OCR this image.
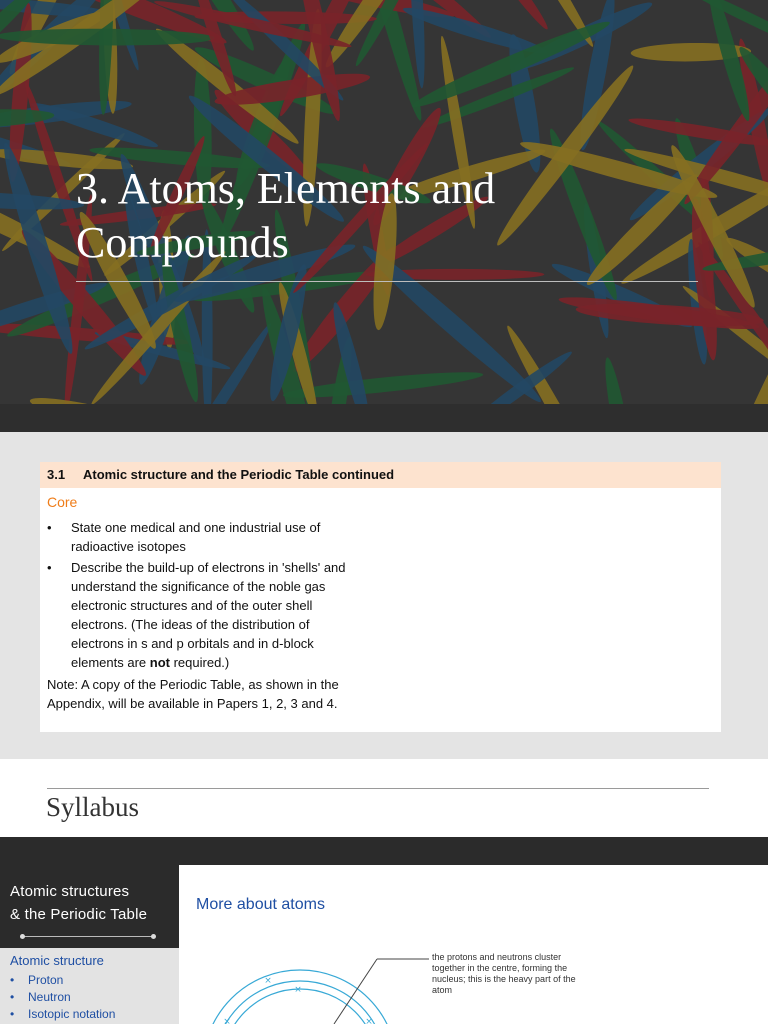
3. Atoms, Elements and
Compounds
3.1 Atomic structure and the Periodic Table continued
Core
• State one medical and one industrial use of radioactive isotopes
• Describe the build-up of electrons in 'shells' and understand the significance of the noble gas electronic structures and of the outer shell electrons. (The ideas of the distribution of electrons in s and p orbitals and in d-block elements are not required.)
Note: A copy of the Periodic Table, as shown in the Appendix, will be available in Papers 1, 2, 3 and 4.
Syllabus
Atomic structures
& the Periodic Table
Atomic structure
• Proton
• Neutron
• Isotopic notation
More about atoms
×
×
×	×
the protons and neutrons cluster together in the centre, forming the nucleus; this is the heavy part of the atom
